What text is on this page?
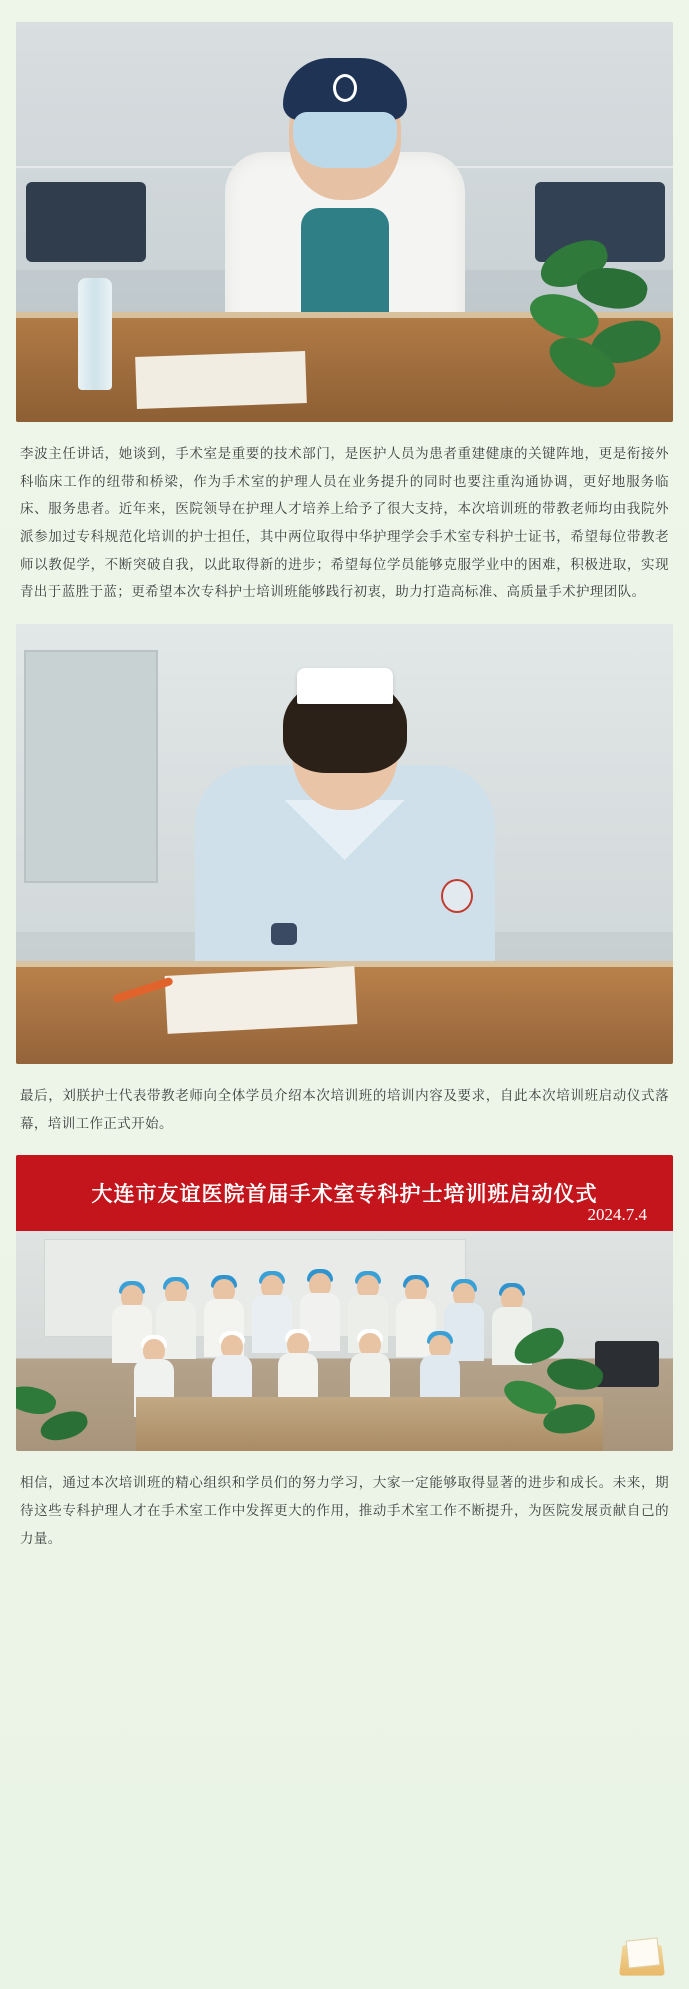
李波主任讲话，她谈到，手术室是重要的技术部门，是医护人员为患者重建健康的关键阵地，更是衔接外科临床工作的纽带和桥梁，作为手术室的护理人员在业务提升的同时也要注重沟通协调，更好地服务临床、服务患者。近年来，医院领导在护理人才培养上给予了很大支持，本次培训班的带教老师均由我院外派参加过专科规范化培训的护士担任，其中两位取得中华护理学会手术室专科护士证书，希望每位带教老师以教促学，不断突破自我，以此取得新的进步；希望每位学员能够克服学业中的困难，积极进取，实现青出于蓝胜于蓝；更希望本次专科护士培训班能够践行初衷，助力打造高标准、高质量手术护理团队。

最后，刘朕护士代表带教老师向全体学员介绍本次培训班的培训内容及要求，自此本次培训班启动仪式落幕，培训工作正式开始。

大连市友谊医院首届手术室专科护士培训班启动仪式
2024.7.4

相信，通过本次培训班的精心组织和学员们的努力学习，大家一定能够取得显著的进步和成长。未来，期待这些专科护理人才在手术室工作中发挥更大的作用，推动手术室工作不断提升，为医院发展贡献自己的力量。
